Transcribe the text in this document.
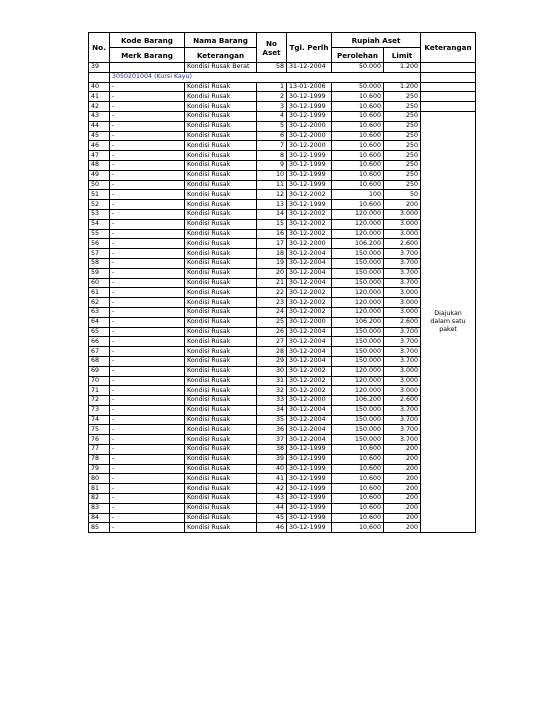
No.	Kode Barang	Nama Barang	No Aset	Tgl. Perlh	Rupiah Aset		Keterangan
	Merk Barang	Keterangan			Perolehan	Limit	
39		Kondisi Rusak Berat	58	31-12-2004	50.000	1.200	
	3050201004 (Kursi Kayu)						
40	-	Kondisi Rusak	1	13-01-2006	50.000	1.200	
41	-	Kondisi Rusak	2	30-12-1999	10.600	250	
42	-	Kondisi Rusak	3	30-12-1999	10.600	250	
43	-	Kondisi Rusak	4	30-12-1999	10.600	250	Diajukan
dalam satu
paket

44	-	Kondisi Rusak	5	30-12-2000	10.600	250	
45	-	Kondisi Rusak	6	30-12-2000	10.600	250	
46	-	Kondisi Rusak	7	30-12-2000	10.600	250	
47	-	Kondisi Rusak	8	30-12-1999	10.600	250	
48	-	Kondisi Rusak	9	30-12-1999	10.600	250	
49	-	Kondisi Rusak	10	30-12-1999	10.600	250	
50	-	Kondisi Rusak	11	30-12-1999	10.600	250	
51	-	Kondisi Rusak	12	30-12-2002	100	50	
52	-	Kondisi Rusak	13	30-12-1999	10.600	200	
53	-	Kondisi Rusak	14	30-12-2002	120.000	3.000	
54	-	Kondisi Rusak	15	30-12-2002	120.000	3.000	
55	-	Kondisi Rusak	16	30-12-2002	120.000	3.000	
56	-	Kondisi Rusak	17	30-12-2000	106.200	2.600	
57	-	Kondisi Rusak	18	30-12-2004	150.000	3.700	
58	-	Kondisi Rusak	19	30-12-2004	150.000	3.700	
59	-	Kondisi Rusak	20	30-12-2004	150.000	3.700	
60	-	Kondisi Rusak	21	30-12-2004	150.000	3.700	
61	-	Kondisi Rusak	22	30-12-2002	120.000	3.000	
62	-	Kondisi Rusak	23	30-12-2002	120.000	3.000	
63	-	Kondisi Rusak	24	30-12-2002	120.000	3.000	
64	-	Kondisi Rusak	25	30-12-2000	106.200	2.600	
65	-	Kondisi Rusak	26	30-12-2004	150.000	3.700	
66	-	Kondisi Rusak	27	30-12-2004	150.000	3.700	
67	-	Kondisi Rusak	28	30-12-2004	150.000	3.700	
68	-	Kondisi Rusak	29	30-12-2004	150.000	3.700	
69	-	Kondisi Rusak	30	30-12-2002	120.000	3.000	
70	-	Kondisi Rusak	31	30-12-2002	120.000	3.000	
71	-	Kondisi Rusak	32	30-12-2002	120.000	3.000	
72	-	Kondisi Rusak	33	30-12-2000	106.200	2.600	
73	-	Kondisi Rusak	34	30-12-2004	150.000	3.700	
74	-	Kondisi Rusak	35	30-12-2004	150.000	3.700	
75	-	Kondisi Rusak	36	30-12-2004	150.000	3.700	
76	-	Kondisi Rusak	37	30-12-2004	150.000	3.700	
77	-	Kondisi Rusak	38	30-12-1999	10.600	200	
78	-	Kondisi Rusak	39	30-12-1999	10.600	200	
79	-	Kondisi Rusak	40	30-12-1999	10.600	200	
80	-	Kondisi Rusak	41	30-12-1999	10.600	200	
81	-	Kondisi Rusak	42	30-12-1999	10.600	200	
82	-	Kondisi Rusak	43	30-12-1999	10.600	200	
83	-	Kondisi Rusak	44	30-12-1999	10.600	200	
84	-	Kondisi Rusak	45	30-12-1999	10.600	200	
85	-	Kondisi Rusak	46	30-12-1999	10.600	200	
